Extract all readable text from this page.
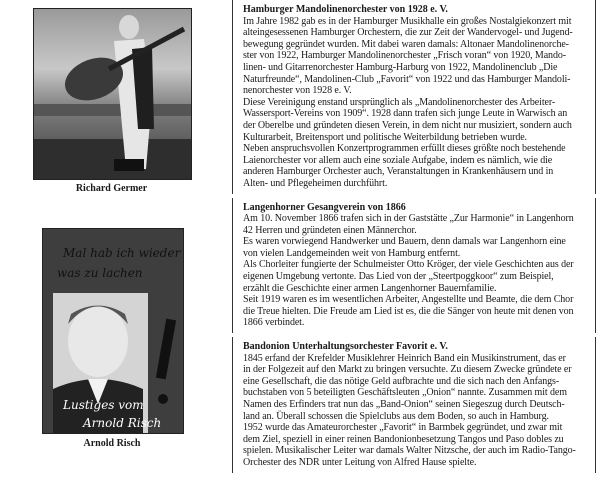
Richard Germer
Mal hab ich wieder
was zu lachen
Lustiges vom
Arnold Risch
Arnold Risch
Hamburger Mandolinenorchester von 1928 e. V.

Im Jahre 1982 gab es in der Hamburger Musikhalle ein großes Nostalgiekonzert mit

alteingesessenen Hamburger Orchestern, die zur Zeit der Wandervogel- und Jugend-

bewegung gegründet wurden. Mit dabei waren damals: Altonaer Mandolinenorche-

ster von 1922, Hamburger Mandolinenorchester „Frisch voran“ von 1920, Mando-

linen- und Gitarrenorchester Hamburg-Harburg von 1922, Mandolinenclub „Die

Naturfreunde“, Mandolinen-Club „Favorit“ von 1922 und das Hamburger Mandoli-

nenorchester von 1928 e. V.

Diese Vereinigung enstand ursprünglich als „Mandolinenorchester des Arbeiter-

Wassersport-Vereins von 1909“. 1928 dann trafen sich junge Leute in Warwisch an

der Oberelbe und gründeten diesen Verein, in dem nicht nur musiziert, sondern auch

Kulturarbeit, Breitensport und politische Weiterbildung betrieben wurde.

Neben anspruchsvollen Konzertprogrammen erfüllt dieses größte noch bestehende

Laienorchester vor allem auch eine soziale Aufgabe, indem es nämlich, wie die

anderen Hamburger Orchester auch, Veranstaltungen in Krankenhäusern und in

Alten- und Pflegeheimen durchführt.

Langenhorner Gesangverein von 1866

Am 10. November 1866 trafen sich in der Gaststätte „Zur Harmonie“ in Langenhorn

42 Herren und gründeten einen Männerchor.

Es waren vorwiegend Handwerker und Bauern, denn damals war Langenhorn eine

von vielen Landgemeinden weit von Hamburg entfernt.

Als Chorleiter fungierte der Schulmeister Otto Kröger, der viele Geschichten aus der

eigenen Umgebung vertonte. Das Lied von der „Steertpoggkoor“ zum Beispiel,

erzählt die Geschichte einer armen Langenhorner Bauernfamilie.

Seit 1919 waren es im wesentlichen Arbeiter, Angestellte und Beamte, die dem Chor

die Treue hielten. Die Freude am Lied ist es, die die Sänger von heute mit denen von

1866 verbindet.

Bandonion Unterhaltungsorchester Favorit e. V.

1845 erfand der Krefelder Musiklehrer Heinrich Band ein Musikinstrument, das er

in der Folgezeit auf den Markt zu bringen versuchte. Zu diesem Zwecke gründete er

eine Gesellschaft, die das nötige Geld aufbrachte und die sich nach den Anfangs-

buchstaben von 5 beteiligten Geschäftsleuten „Onion“ nannte. Zusammen mit dem

Namen des Erfinders trat nun das „Band-Onion“ seinen Siegeszug durch Deutsch-

land an. Überall schossen die Spielclubs aus dem Boden, so auch in Hamburg.

1952 wurde das Amateurorchester „Favorit“ in Barmbek gegründet, und zwar mit

dem Ziel, speziell in einer reinen Bandonionbesetzung Tangos und Paso dobles zu

spielen. Musikalischer Leiter war damals Walter Nitzsche, der auch im Radio-Tango-

Orchester des NDR unter Leitung von Alfred Hause spielte.
